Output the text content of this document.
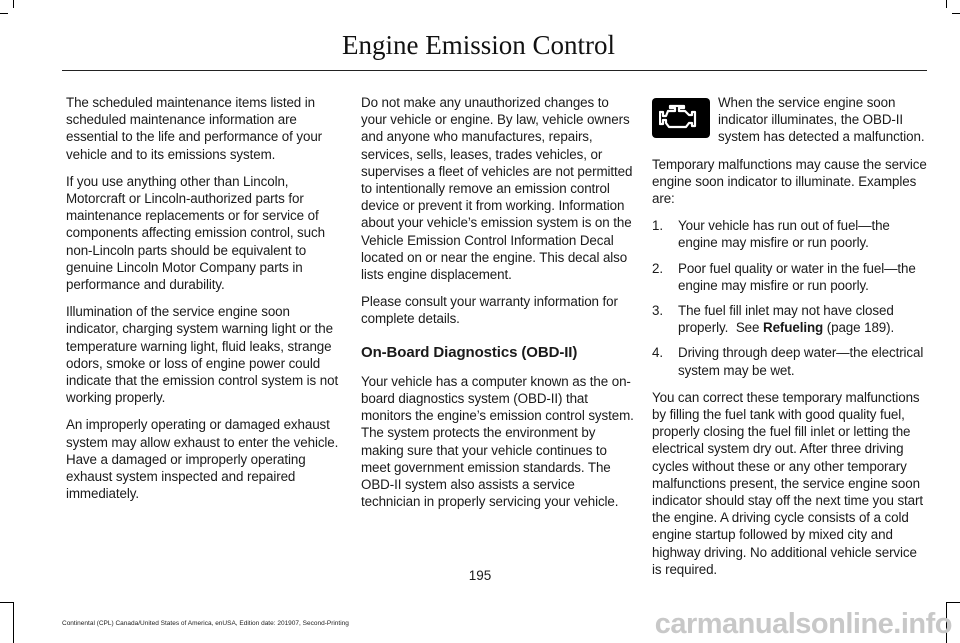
Engine Emission Control

The scheduled maintenance items listed in scheduled maintenance information are essential to the life and performance of your vehicle and to its emissions system.

If you use anything other than Lincoln, Motorcraft or Lincoln-authorized parts for maintenance replacements or for service of components affecting emission control, such non-Lincoln parts should be equivalent to genuine Lincoln Motor Company parts in performance and durability.

Illumination of the service engine soon indicator, charging system warning light or the temperature warning light, fluid leaks, strange odors, smoke or loss of engine power could indicate that the emission control system is not working properly.

An improperly operating or damaged exhaust system may allow exhaust to enter the vehicle. Have a damaged or improperly operating exhaust system inspected and repaired immediately.

Do not make any unauthorized changes to your vehicle or engine. By law, vehicle owners and anyone who manufactures, repairs, services, sells, leases, trades vehicles, or supervises a fleet of vehicles are not permitted to intentionally remove an emission control device or prevent it from working. Information about your vehicle’s emission system is on the Vehicle Emission Control Information Decal located on or near the engine. This decal also lists engine displacement.

Please consult your warranty information for complete details.

On-Board Diagnostics (OBD-II)

Your vehicle has a computer known as the on-board diagnostics system (OBD-II) that monitors the engine’s emission control system. The system protects the environment by making sure that your vehicle continues to meet government emission standards. The OBD-II system also assists a service technician in properly servicing your vehicle.

When the service engine soon indicator illuminates, the OBD-II system has detected a malfunction.

Temporary malfunctions may cause the service engine soon indicator to illuminate. Examples are:

1. Your vehicle has run out of fuel—the engine may misfire or run poorly.
2. Poor fuel quality or water in the fuel—the engine may misfire or run poorly.
3. The fuel fill inlet may not have closed properly. See Refueling (page 189).
4. Driving through deep water—the electrical system may be wet.

You can correct these temporary malfunctions by filling the fuel tank with good quality fuel, properly closing the fuel fill inlet or letting the electrical system dry out. After three driving cycles without these or any other temporary malfunctions present, the service engine soon indicator should stay off the next time you start the engine. A driving cycle consists of a cold engine startup followed by mixed city and highway driving. No additional vehicle service is required.

195
Continental (CPL) Canada/United States of America, enUSA, Edition date: 201907, Second-Printing	carmanualsonline.info
